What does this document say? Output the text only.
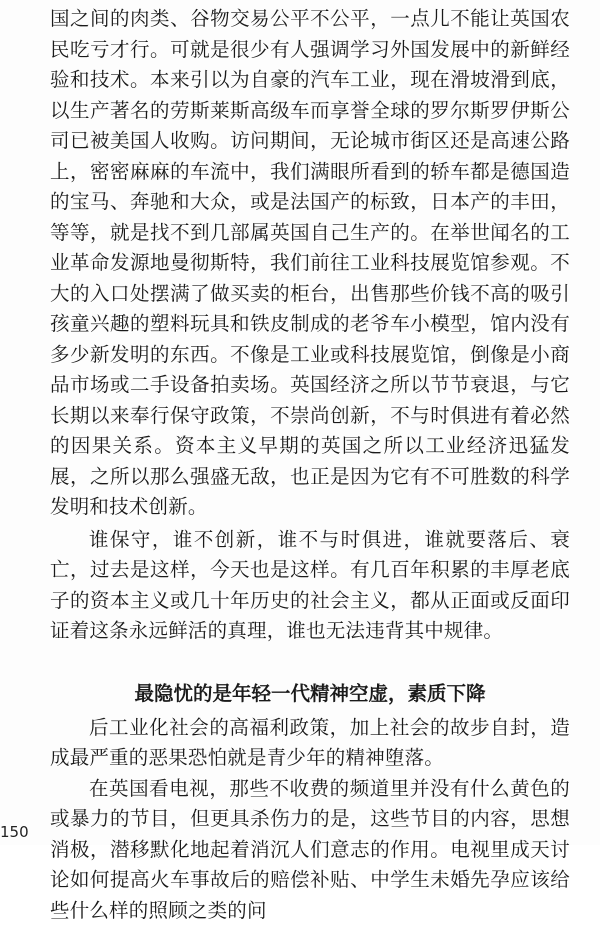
国之间的肉类、谷物交易公平不公平，一点儿不能让英国农民吃亏才行。可就是很少有人强调学习外国发展中的新鲜经验和技术。本来引以为自豪的汽车工业，现在滑坡滑到底，以生产著名的劳斯莱斯高级车而享誉全球的罗尔斯罗伊斯公司已被美国人收购。访问期间，无论城市街区还是高速公路上，密密麻麻的车流中，我们满眼所看到的轿车都是德国造的宝马、奔驰和大众，或是法国产的标致，日本产的丰田，等等，就是找不到几部属英国自己生产的。在举世闻名的工业革命发源地曼彻斯特，我们前往工业科技展览馆参观。不大的入口处摆满了做买卖的柜台，出售那些价钱不高的吸引孩童兴趣的塑料玩具和铁皮制成的老爷车小模型，馆内没有多少新发明的东西。不像是工业或科技展览馆，倒像是小商品市场或二手设备拍卖场。英国经济之所以节节衰退，与它长期以来奉行保守政策，不崇尚创新，不与时俱进有着必然的因果关系。资本主义早期的英国之所以工业经济迅猛发展，之所以那么强盛无敌，也正是因为它有不可胜数的科学发明和技术创新。

谁保守，谁不创新，谁不与时俱进，谁就要落后、衰亡，过去是这样，今天也是这样。有几百年积累的丰厚老底子的资本主义或几十年历史的社会主义，都从正面或反面印证着这条永远鲜活的真理，谁也无法违背其中规律。

最隐忧的是年轻一代精神空虚，素质下降

后工业化社会的高福利政策，加上社会的故步自封，造成最严重的恶果恐怕就是青少年的精神堕落。

在英国看电视，那些不收费的频道里并没有什么黄色的或暴力的节目，但更具杀伤力的是，这些节目的内容，思想消极，潜移默化地起着消沉人们意志的作用。电视里成天讨论如何提高火车事故后的赔偿补贴、中学生未婚先孕应该给些什么样的照顾之类的问

150
